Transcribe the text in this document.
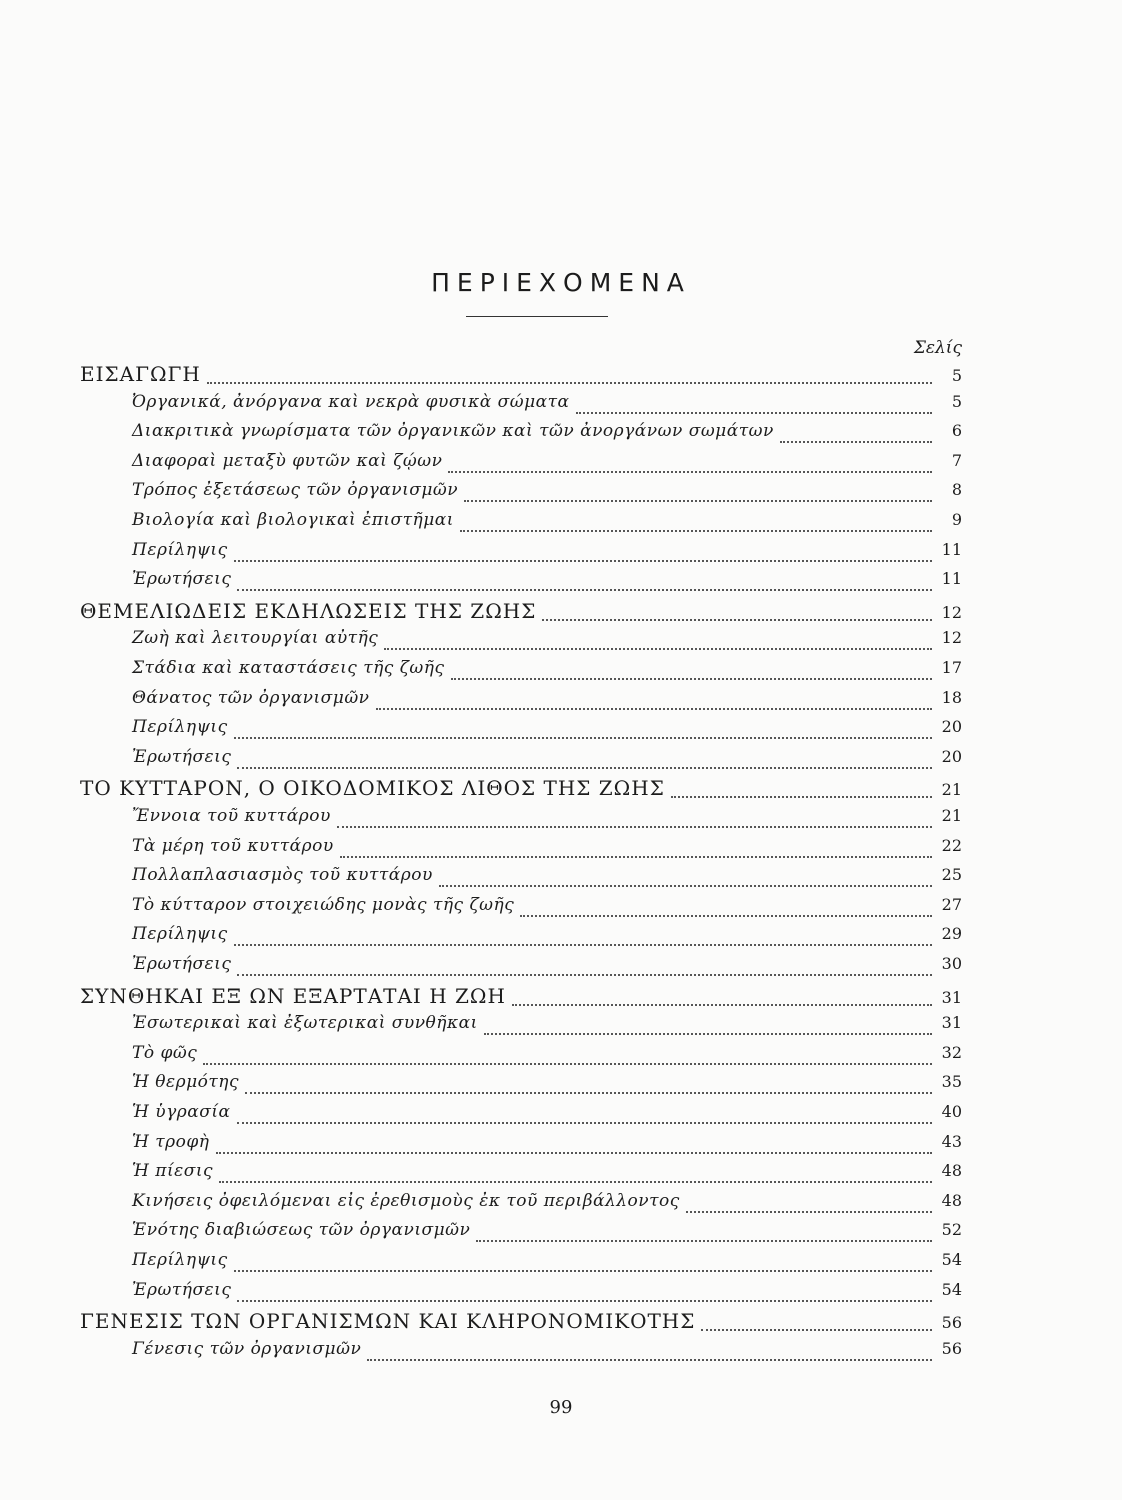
ΠΕΡΙΕΧΟΜΕΝΑ
Σελίς
ΕΙΣΑΓΩΓΗ	5
Ὀργανικά, ἀνόργανα καὶ νεκρὰ φυσικὰ σώματα	5
Διακριτικὰ γνωρίσματα τῶν ὀργανικῶν καὶ τῶν ἀνοργάνων σωμάτων	6
Διαφοραὶ μεταξὺ φυτῶν καὶ ζῴων	7
Τρόπος ἐξετάσεως τῶν ὀργανισμῶν	8
Βιολογία καὶ βιολογικαὶ ἐπιστῆμαι	9
Περίληψις	11
Ἐρωτήσεις	11
ΘΕΜΕΛΙΩΔΕΙΣ ΕΚΔΗΛΩΣΕΙΣ ΤΗΣ ΖΩΗΣ	12
Ζωὴ καὶ λειτουργίαι αὐτῆς	12
Στάδια καὶ καταστάσεις τῆς ζωῆς	17
Θάνατος τῶν ὀργανισμῶν	18
Περίληψις	20
Ἐρωτήσεις	20
ΤΟ ΚΥΤΤΑΡΟΝ, Ο ΟΙΚΟΔΟΜΙΚΟΣ ΛΙΘΟΣ ΤΗΣ ΖΩΗΣ	21
Ἔννοια τοῦ κυττάρου	21
Τὰ μέρη τοῦ κυττάρου	22
Πολλαπλασιασμὸς τοῦ κυττάρου	25
Τὸ κύτταρον στοιχειώδης μονὰς τῆς ζωῆς	27
Περίληψις	29
Ἐρωτήσεις	30
ΣΥΝΘΗΚΑΙ ΕΞ ΩΝ ΕΞΑΡΤΑΤΑΙ Η ΖΩΗ	31
Ἐσωτερικαὶ καὶ ἐξωτερικαὶ συνθῆκαι	31
Τὸ φῶς	32
Ἡ θερμότης	35
Ἡ ὑγρασία	40
Ἡ τροφὴ	43
Ἡ πίεσις	48
Κινήσεις ὀφειλόμεναι εἰς ἐρεθισμοὺς ἐκ τοῦ περιβάλλοντος	48
Ἑνότης διαβιώσεως τῶν ὀργανισμῶν	52
Περίληψις	54
Ἐρωτήσεις	54
ΓΕΝΕΣΙΣ ΤΩΝ ΟΡΓΑΝΙΣΜΩΝ ΚΑΙ ΚΛΗΡΟΝΟΜΙΚΟΤΗΣ	56
Γένεσις τῶν ὀργανισμῶν	56
99
